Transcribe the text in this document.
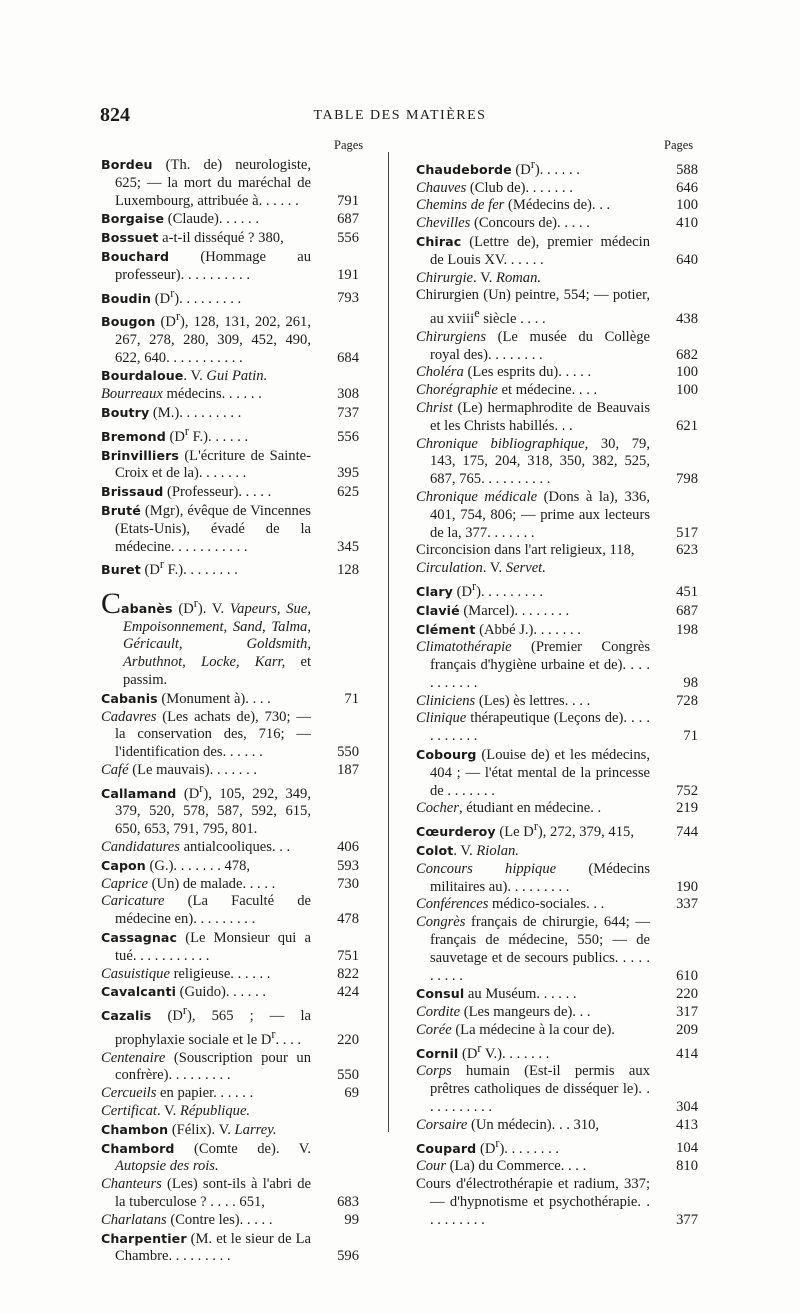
824	TABLE DES MATIÈRES
Pages	Pages
Bordeu (Th. de) neurologiste, 625; — la mort du maréchal de Luxembourg, attribuée à. . . . . .	791
Borgaise (Claude). . . . . .	687
Bossuet a-t-il disséqué ? 380,	556
Bouchard (Hommage au professeur). . . . . . . . . .	191
Boudin $(D^r)$. . . . . . . . .	793
Bougon $(D^r)$, 128, 131, 202, 261, 267, 278, 280, 309, 452, 490, 622, 640. . . . . . . . . . .	684
Bourdaloue. V. Gui Patin.
Bourreaux médecins. . . . . .	308
Boutry (M.). . . . . . . . .	737
Bremond ($D^r$ F.). . . . . .	556
Brinvilliers (L'écriture de Sainte-Croix et de la). . . . . . .	395
Brissaud (Professeur). . . . .	625
Bruté (Mgr), évêque de Vincennes (Etats-Unis), évadé de la médecine. . . . . . . . . . .	345
Buret ($D^r$ F.). . . . . . . .	128
Cabanès $(D^r)$. V. Vapeurs, Sue, Empoisonnement, Sand, Talma, Géricault, Goldsmith, Arbuthnot, Locke, Karr, et passim.
Cabanis (Monument à). . . .	71
Cadavres (Les achats de), 730; — la conservation des, 716; — l'identification des. . . . . .	550
Café (Le mauvais). . . . . . .	187
Callamand $(D^r)$, 105, 292, 349, 379, 520, 578, 587, 592, 615, 650, 653, 791, 795, 801.
Candidatures antialcooliques. . .	406
Capon (G.). . . . . . . 478,	593
Caprice (Un) de malade. . . . .	730
Caricature (La Faculté de médecine en). . . . . . . . .	478
Cassagnac (Le Monsieur qui a tué. . . . . . . . . . .	751
Casuistique religieuse. . . . . .	822
Cavalcanti (Guido). . . . . .	424
Cazalis $(D^r)$, 565 ; — la prophylaxie sociale et le $D^r$. . . .	220
Centenaire (Souscription pour un confrère). . . . . . . . .	550
Cercueils en papier. . . . . .	69
Certificat. V. République.
Chambon (Félix). V. Larrey.
Chambord (Comte de). V. Autopsie des rois.
Chanteurs (Les) sont-ils à l'abri de la tuberculose ? . . . . 651,	683
Charlatans (Contre les). . . . .	99
Charpentier (M. et le sieur de La Chambre. . . . . . . . .	596
Chaudeborde $(D^r)$. . . . . .	588
Chauves (Club de). . . . . . .	646
Chemins de fer (Médecins de). . .	100
Chevilles (Concours de). . . . .	410
Chirac (Lettre de), premier médecin de Louis XV. . . . . .	640
Chirurgie. V. Roman.
Chirurgien (Un) peintre, 554; — potier, au xviii$^e$ siècle . . . .	438
Chirurgiens (Le musée du Collège royal des). . . . . . . .	682
Choléra (Les esprits du). . . . .	100
Chorégraphie et médecine. . . .	100
Christ (Le) hermaphrodite de Beauvais et les Christs habillés. . .	621
Chronique bibliographique, 30, 79, 143, 175, 204, 318, 350, 382, 525, 687, 765. . . . . . . . . .	798
Chronique médicale (Dons à la), 336, 401, 754, 806; — prime aux lecteurs de la, 377. . . . . . .	517
Circoncision dans l'art religieux, 118,	623
Circulation. V. Servet.
Clary $(D^r)$. . . . . . . . .	451
Clavié (Marcel). . . . . . . .	687
Clément (Abbé J.). . . . . . .	198
Climatothérapie (Premier Congrès français d'hygiène urbaine et de). . . . . . . . . . .	98
Cliniciens (Les) ès lettres. . . .	728
Clinique thérapeutique (Leçons de). . . . . . . . . . .	71
Cobourg (Louise de) et les médecins, 404 ; — l'état mental de la princesse de . . . . . . .	752
Cocher, étudiant en médecine. .	219
Cœurderoy (Le $D^r$), 272, 379, 415,	744
Colot. V. Riolan.
Concours hippique (Médecins militaires au). . . . . . . . .	190
Conférences médico-sociales. . .	337
Congrès français de chirurgie, 644; — français de médecine, 550; — de sauvetage et de secours publics. . . . . . . . . .	610
Consul au Muséum. . . . . .	220
Cordite (Les mangeurs de). . .	317
Corée (La médecine à la cour de).	209
Cornil ($D^r$ V.). . . . . . .	414
Corps humain (Est-il permis aux prêtres catholiques de disséquer le). . . . . . . . . . .	304
Corsaire (Un médecin). . . 310,	413
Coupard $(D^r)$. . . . . . . .	104
Cour (La) du Commerce. . . .	810
Cours d'électrothérapie et radium, 337; — d'hypnotisme et psychothérapie. . . . . . . . . .	377
